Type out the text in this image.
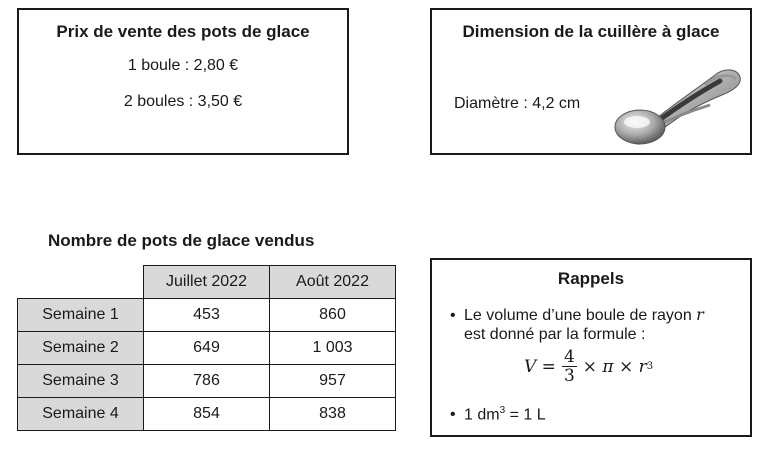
Prix de vente des pots de glace
1 boule : 2,80 €
2 boules : 3,50 €
Dimension de la cuillère à glace
Diamètre : 4,2 cm
Nombre de pots de glace vendus
	Juillet 2022	Août 2022
Semaine 1	453	860
Semaine 2	649	1 003
Semaine 3	786	957
Semaine 4	854	838
Rappels
• Le volume d’une boule de rayon r
est donné par la formule :
$V = \frac{4}{3} \times \pi \times r$ 3
• 1 $dm^3 = 1$ L
